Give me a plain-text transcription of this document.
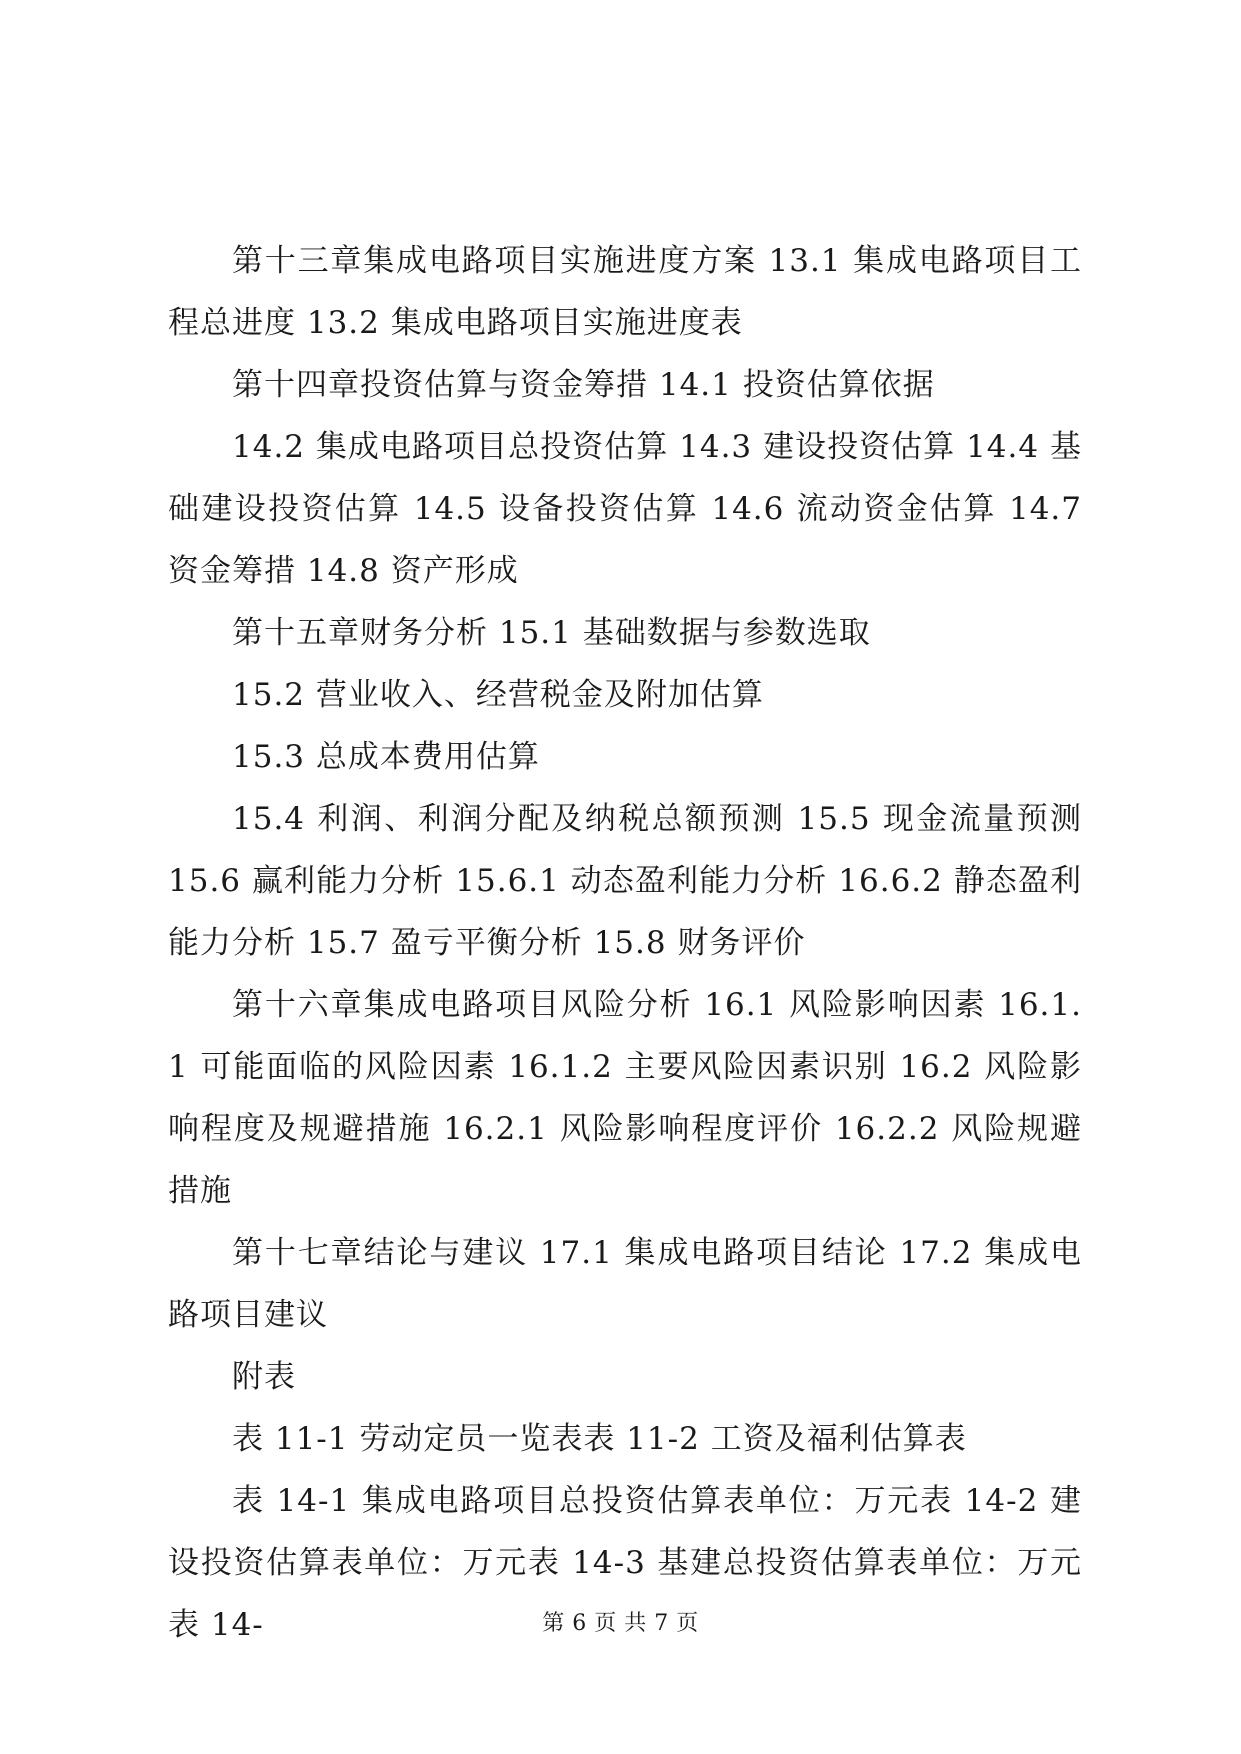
第十三章集成电路项目实施进度方案 13.1 集成电路项目工程总进度 13.2 集成电路项目实施进度表

第十四章投资估算与资金筹措 14.1 投资估算依据

14.2 集成电路项目总投资估算 14.3 建设投资估算 14.4 基础建设投资估算 14.5 设备投资估算 14.6 流动资金估算 14.7 资金筹措 14.8 资产形成

第十五章财务分析 15.1 基础数据与参数选取

15.2 营业收入、经营税金及附加估算

15.3 总成本费用估算

15.4 利润、利润分配及纳税总额预测 15.5 现金流量预测 15.6 赢利能力分析 15.6.1 动态盈利能力分析 16.6.2 静态盈利能力分析 15.7 盈亏平衡分析 15.8 财务评价

第十六章集成电路项目风险分析 16.1 风险影响因素 16.1.1 可能面临的风险因素 16.1.2 主要风险因素识别 16.2 风险影响程度及规避措施 16.2.1 风险影响程度评价 16.2.2 风险规避措施

第十七章结论与建议 17.1 集成电路项目结论 17.2 集成电路项目建议

附表

表 11-1 劳动定员一览表表 11-2 工资及福利估算表

表 14-1 集成电路项目总投资估算表单位：万元表 14-2 建设投资估算表单位：万元表 14-3 基建总投资估算表单位：万元表 14-	第 6 页 共 7 页
